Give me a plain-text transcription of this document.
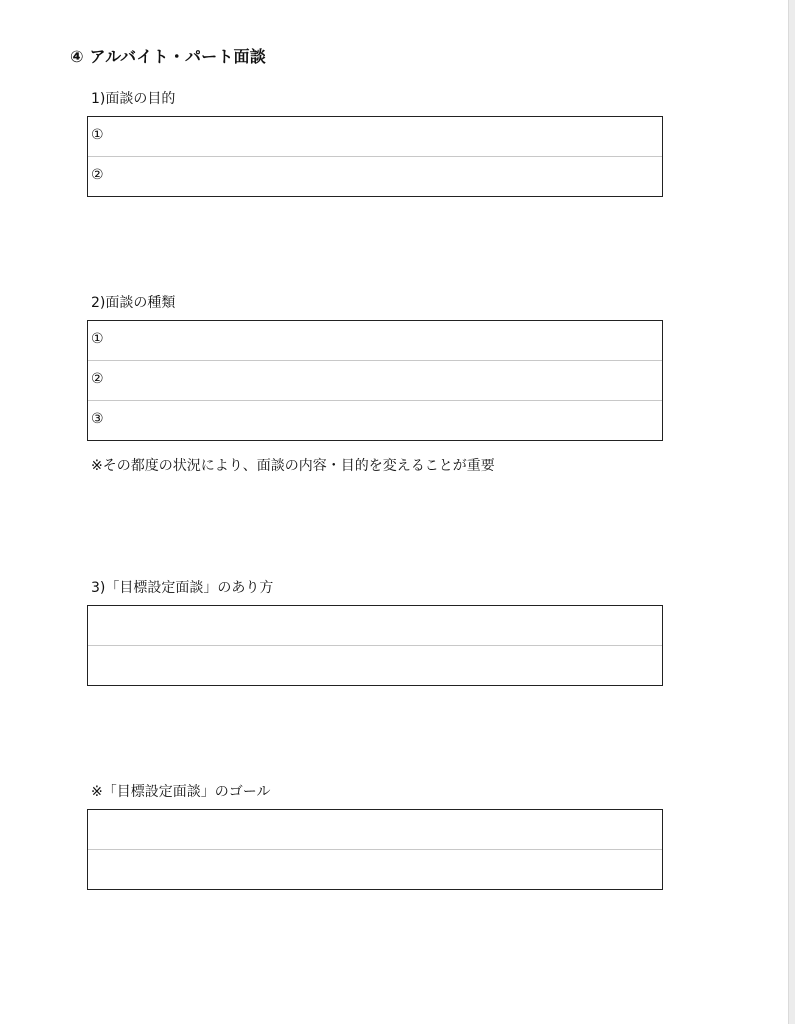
④ アルバイト・パート面談
1)面談の目的
①
②
2)面談の種類
①
②
③
※その都度の状況により、面談の内容・目的を変えることが重要
3)「目標設定面談」のあり方
※「目標設定面談」のゴール
